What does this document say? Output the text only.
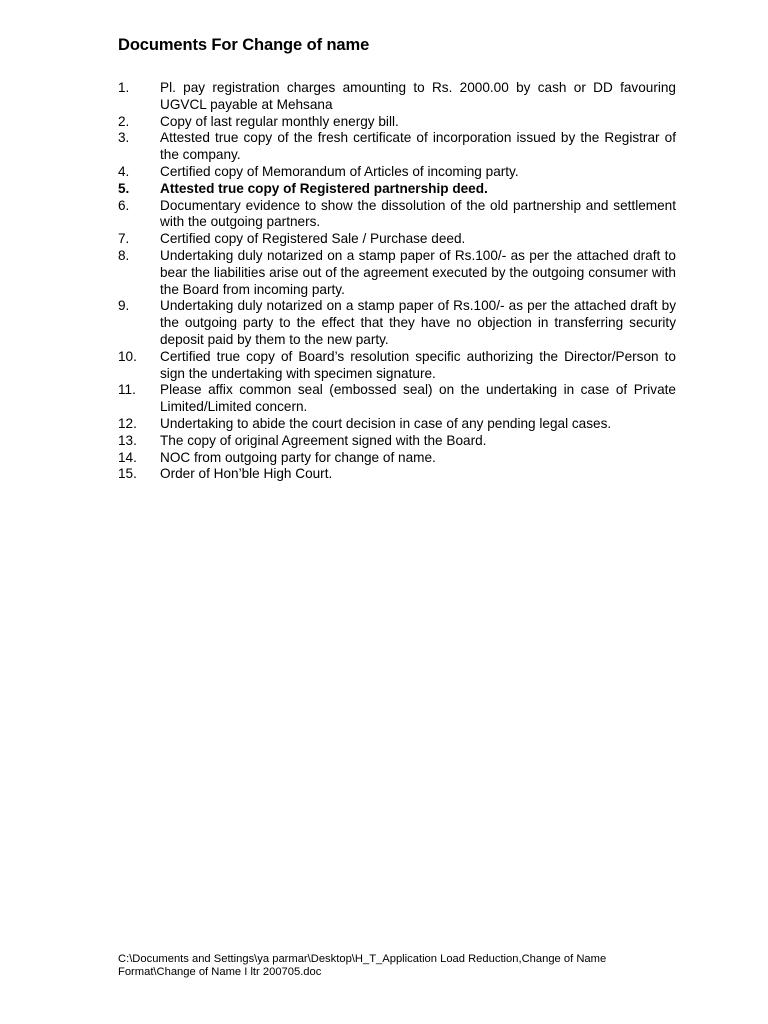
Documents For Change of name
1.	Pl. pay registration charges amounting to Rs. 2000.00 by cash or DD favouring UGVCL payable at Mehsana
2.	Copy of last regular monthly energy bill.
3.	Attested true copy of the fresh certificate of incorporation issued by the Registrar of the company.
4.	Certified copy of Memorandum of Articles of incoming party.
5.	Attested true copy of Registered partnership deed.
6.	Documentary evidence to show the dissolution of the old partnership and settlement with the outgoing partners.
7.	Certified copy of Registered Sale / Purchase deed.
8.	Undertaking duly notarized on a stamp paper of Rs.100/- as per the attached draft to bear the liabilities arise out of the agreement executed by the outgoing consumer with the Board from incoming party.
9.	Undertaking duly notarized on a stamp paper of Rs.100/- as per the attached draft by the outgoing party to the effect that they have no objection in transferring security deposit paid by them to the new party.
10.	Certified true copy of Board’s resolution specific authorizing the Director/Person to sign the undertaking with specimen signature.
11.	Please affix common seal (embossed seal) on the undertaking in case of Private Limited/Limited concern.
12.	Undertaking to abide the court decision in case of any pending legal cases.
13.	The copy of original Agreement signed with the Board.
14.	NOC from outgoing party for change of name.
15.	Order of Hon’ble High Court.
C:\Documents and Settings\ya parmar\Desktop\H_T_Application Load Reduction,Change of Name
Format\Change of Name I ltr 200705.doc
